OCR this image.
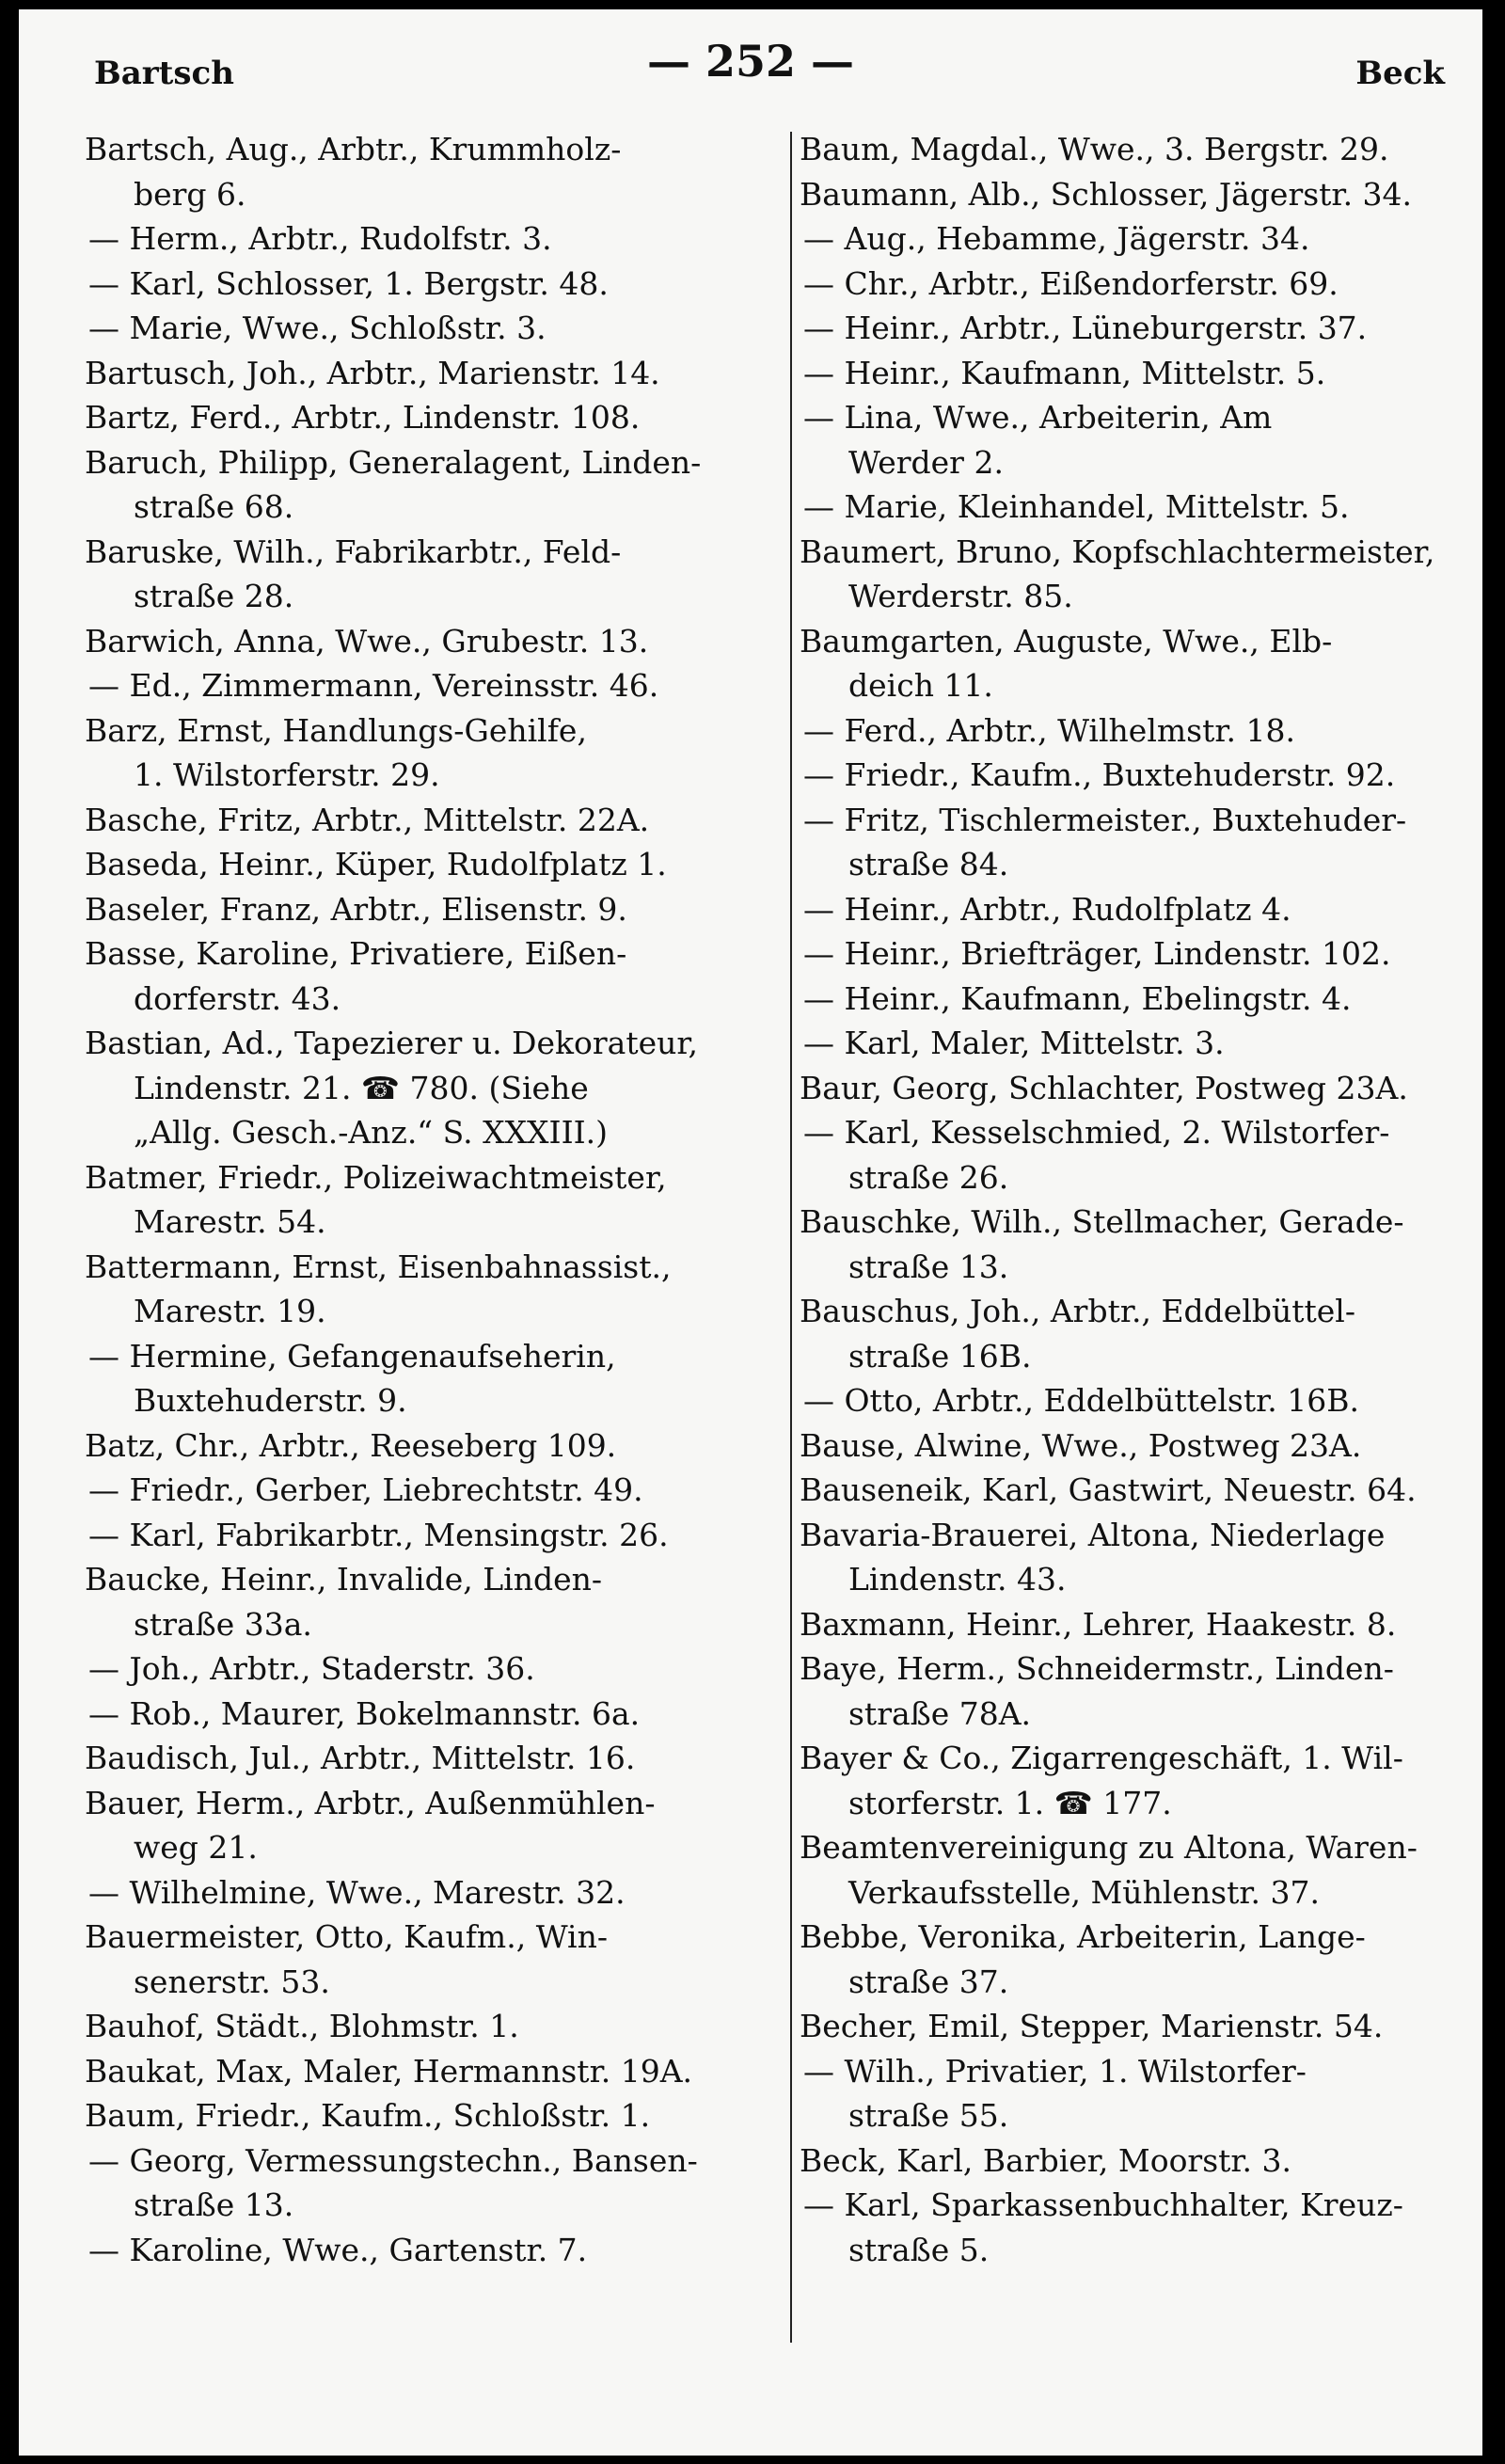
Bartsch	— 252 —	Beck
Bartsch, Aug., Arbtr., Krummholz-
berg 6.
— Herm., Arbtr., Rudolfstr. 3.
— Karl, Schlosser, 1. Bergstr. 48.
— Marie, Wwe., Schloßstr. 3.
Bartusch, Joh., Arbtr., Marienstr. 14.
Bartz, Ferd., Arbtr., Lindenstr. 108.
Baruch, Philipp, Generalagent, Linden-
straße 68.
Baruske, Wilh., Fabrikarbtr., Feld-
straße 28.
Barwich, Anna, Wwe., Grubestr. 13.
— Ed., Zimmermann, Vereinsstr. 46.
Barz, Ernst, Handlungs-Gehilfe,
1. Wilstorferstr. 29.
Basche, Fritz, Arbtr., Mittelstr. 22A.
Baseda, Heinr., Küper, Rudolfplatz 1.
Baseler, Franz, Arbtr., Elisenstr. 9.
Basse, Karoline, Privatiere, Eißen-
dorferstr. 43.
Bastian, Ad., Tapezierer u. Dekorateur,
Lindenstr. 21. ☎ 780. (Siehe
„Allg. Gesch.-Anz.“ S. XXXIII.)
Batmer, Friedr., Polizeiwachtmeister,
Marestr. 54.
Battermann, Ernst, Eisenbahnassist.,
Marestr. 19.
— Hermine, Gefangenaufseherin,
Buxtehuderstr. 9.
Batz, Chr., Arbtr., Reeseberg 109.
— Friedr., Gerber, Liebrechtstr. 49.
— Karl, Fabrikarbtr., Mensingstr. 26.
Baucke, Heinr., Invalide, Linden-
straße 33a.
— Joh., Arbtr., Staderstr. 36.
— Rob., Maurer, Bokelmannstr. 6a.
Baudisch, Jul., Arbtr., Mittelstr. 16.
Bauer, Herm., Arbtr., Außenmühlen-
weg 21.
— Wilhelmine, Wwe., Marestr. 32.
Bauermeister, Otto, Kaufm., Win-
senerstr. 53.
Bauhof, Städt., Blohmstr. 1.
Baukat, Max, Maler, Hermannstr. 19A.
Baum, Friedr., Kaufm., Schloßstr. 1.
— Georg, Vermessungstechn., Bansen-
straße 13.
— Karoline, Wwe., Gartenstr. 7.
Baum, Magdal., Wwe., 3. Bergstr. 29.
Baumann, Alb., Schlosser, Jägerstr. 34.
— Aug., Hebamme, Jägerstr. 34.
— Chr., Arbtr., Eißendorferstr. 69.
— Heinr., Arbtr., Lüneburgerstr. 37.
— Heinr., Kaufmann, Mittelstr. 5.
— Lina, Wwe., Arbeiterin, Am
Werder 2.
— Marie, Kleinhandel, Mittelstr. 5.
Baumert, Bruno, Kopfschlachtermeister,
Werderstr. 85.
Baumgarten, Auguste, Wwe., Elb-
deich 11.
— Ferd., Arbtr., Wilhelmstr. 18.
— Friedr., Kaufm., Buxtehuderstr. 92.
— Fritz, Tischlermeister., Buxtehuder-
straße 84.
— Heinr., Arbtr., Rudolfplatz 4.
— Heinr., Briefträger, Lindenstr. 102.
— Heinr., Kaufmann, Ebelingstr. 4.
— Karl, Maler, Mittelstr. 3.
Baur, Georg, Schlachter, Postweg 23A.
— Karl, Kesselschmied, 2. Wilstorfer-
straße 26.
Bauschke, Wilh., Stellmacher, Gerade-
straße 13.
Bauschus, Joh., Arbtr., Eddelbüttel-
straße 16B.
— Otto, Arbtr., Eddelbüttelstr. 16B.
Bause, Alwine, Wwe., Postweg 23A.
Bauseneik, Karl, Gastwirt, Neuestr. 64.
Bavaria-Brauerei, Altona, Niederlage
Lindenstr. 43.
Baxmann, Heinr., Lehrer, Haakestr. 8.
Baye, Herm., Schneidermstr., Linden-
straße 78A.
Bayer & Co., Zigarrengeschäft, 1. Wil-
storferstr. 1. ☎ 177.
Beamtenvereinigung zu Altona, Waren-
Verkaufsstelle, Mühlenstr. 37.
Bebbe, Veronika, Arbeiterin, Lange-
straße 37.
Becher, Emil, Stepper, Marienstr. 54.
— Wilh., Privatier, 1. Wilstorfer-
straße 55.
Beck, Karl, Barbier, Moorstr. 3.
— Karl, Sparkassenbuchhalter, Kreuz-
straße 5.
